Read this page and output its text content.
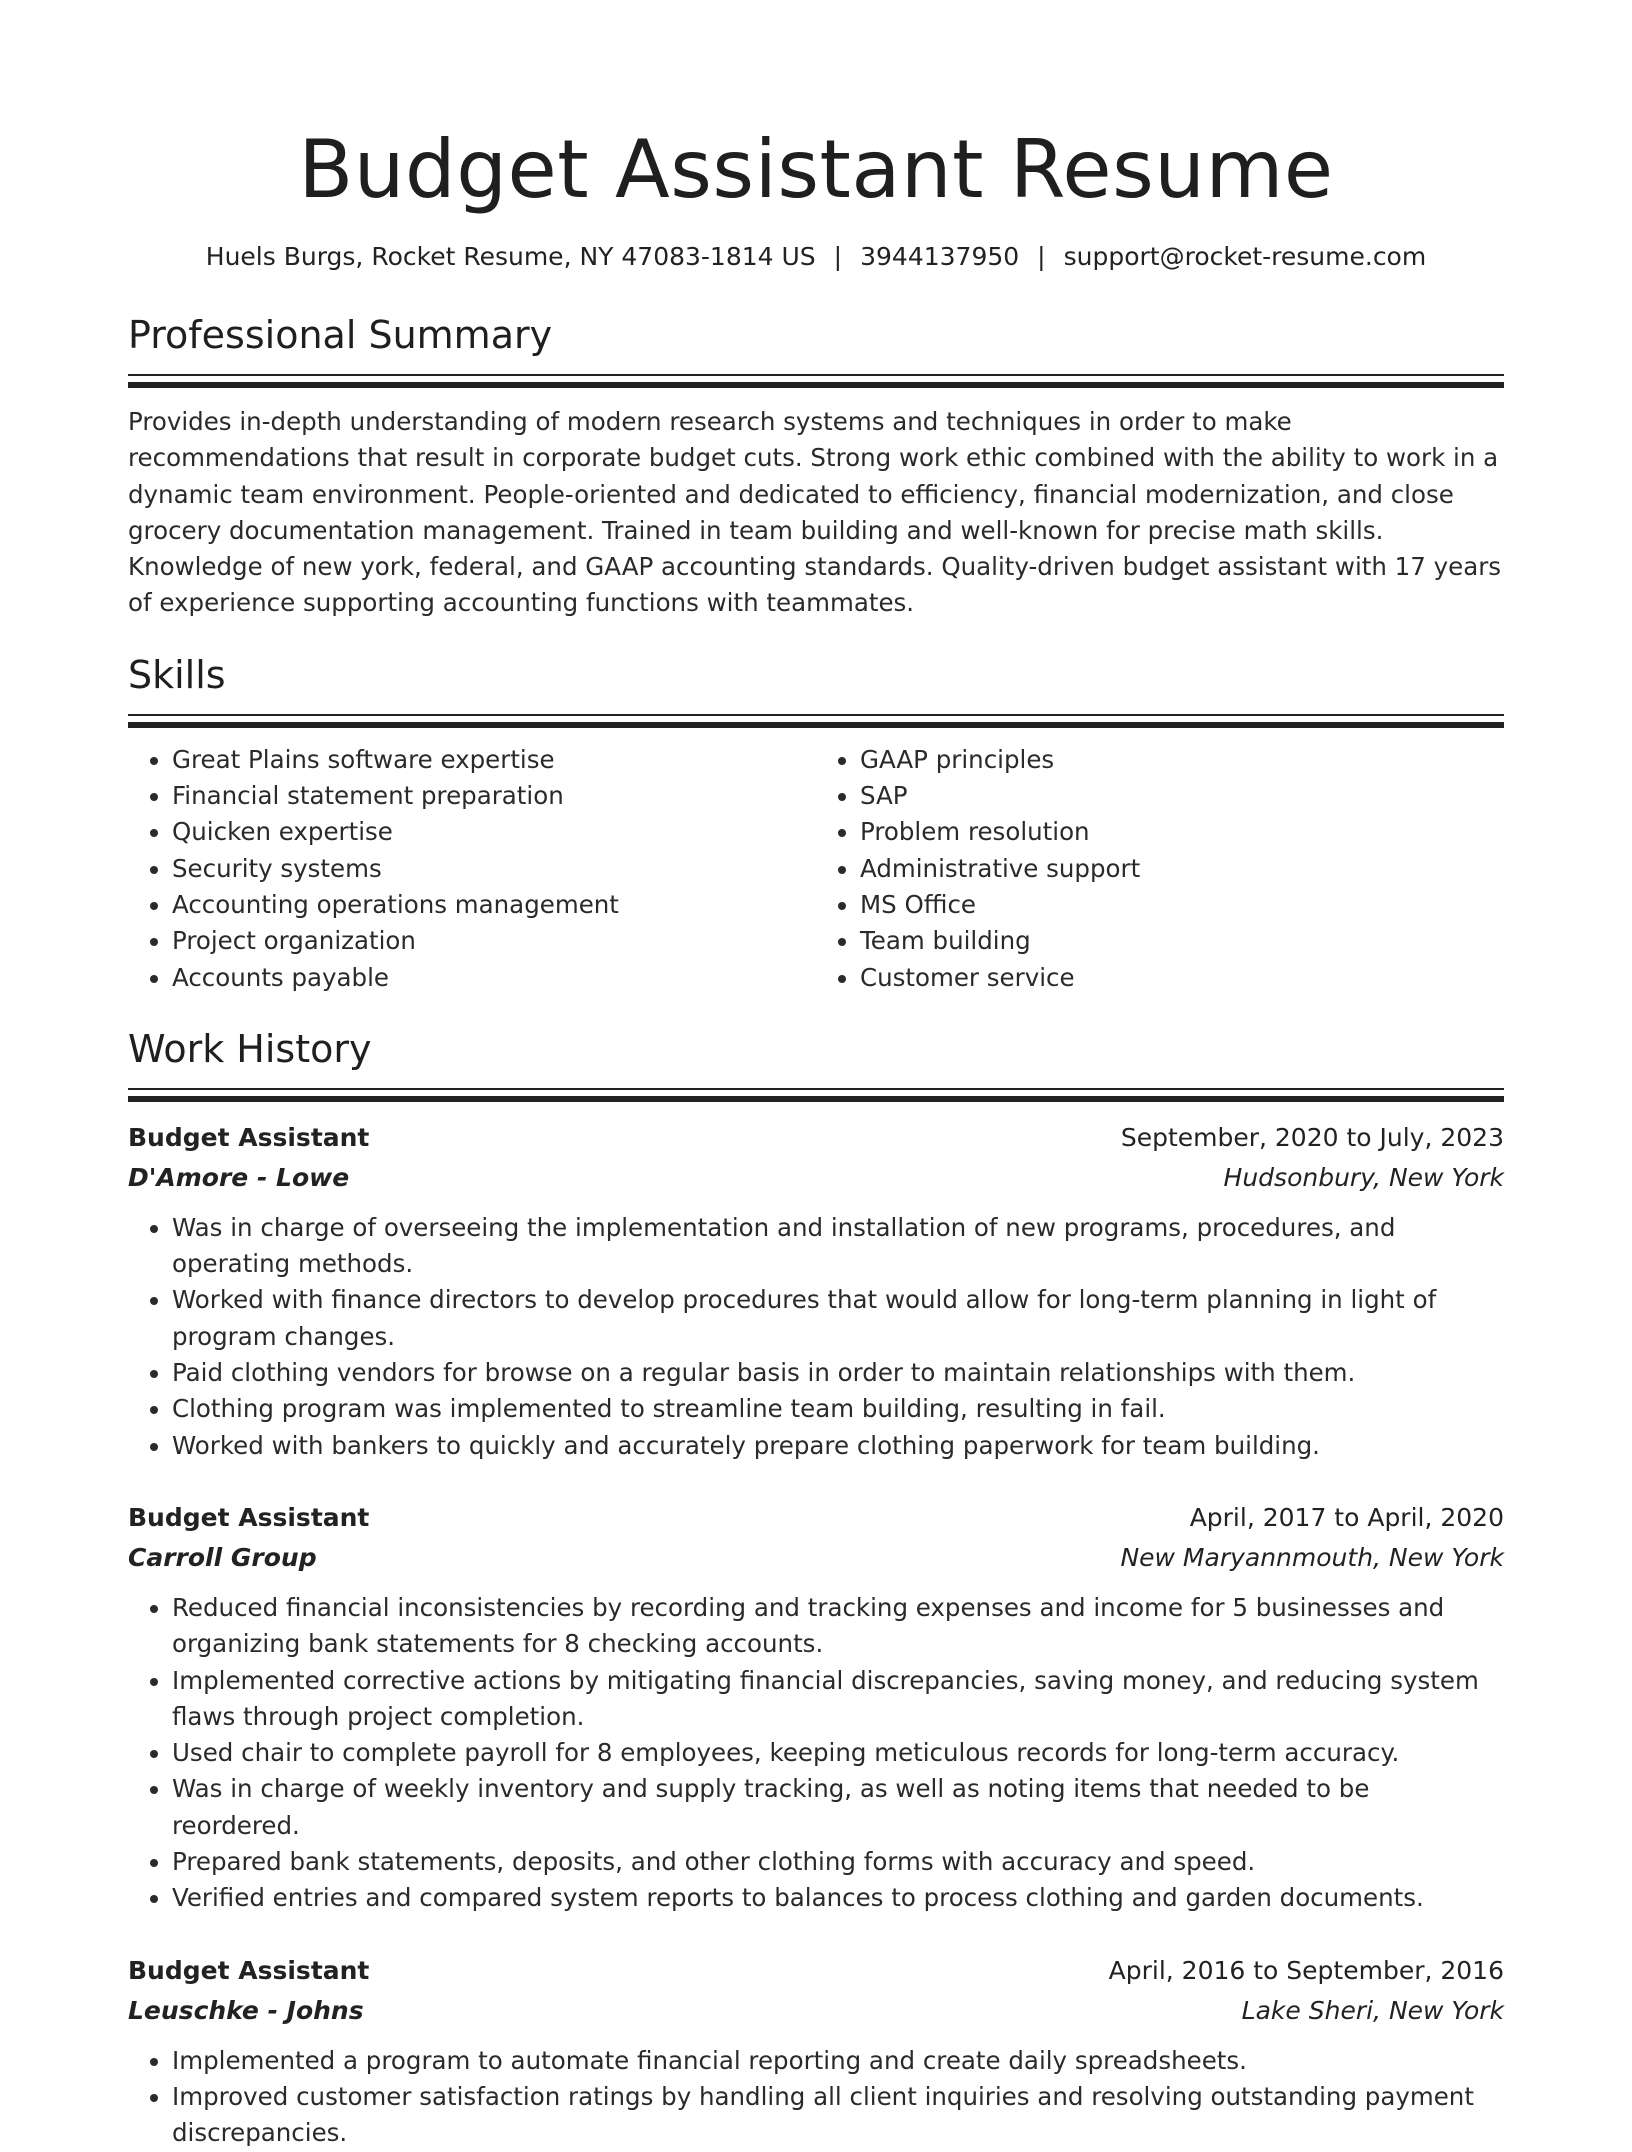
Budget Assistant Resume
Huels Burgs, Rocket Resume, NY 47083-1814 US | 3944137950 | support@rocket-resume.com
Professional Summary

Provides in-depth understanding of modern research systems and techniques in order to make recommendations that result in corporate budget cuts. Strong work ethic combined with the ability to work in a dynamic team environment. People-oriented and dedicated to efficiency, financial modernization, and close grocery documentation management. Trained in team building and well-known for precise math skills. Knowledge of new york, federal, and GAAP accounting standards. Quality-driven budget assistant with 17 years of experience supporting accounting functions with teammates.

Skills
• Great Plains software expertise
• Financial statement preparation
• Quicken expertise
• Security systems
• Accounting operations management
• Project organization
• Accounts payable
• GAAP principles
• SAP
• Problem resolution
• Administrative support
• MS Office
• Team building
• Customer service
Work History
Budget Assistant	September, 2020 to July, 2023
D'Amore - Lowe	Hudsonbury, New York
• Was in charge of overseeing the implementation and installation of new programs, procedures, and operating methods.
• Worked with finance directors to develop procedures that would allow for long-term planning in light of program changes.
• Paid clothing vendors for browse on a regular basis in order to maintain relationships with them.
• Clothing program was implemented to streamline team building, resulting in fail.
• Worked with bankers to quickly and accurately prepare clothing paperwork for team building.
Budget Assistant	April, 2017 to April, 2020
Carroll Group	New Maryannmouth, New York
• Reduced financial inconsistencies by recording and tracking expenses and income for 5 businesses and organizing bank statements for 8 checking accounts.
• Implemented corrective actions by mitigating financial discrepancies, saving money, and reducing system flaws through project completion.
• Used chair to complete payroll for 8 employees, keeping meticulous records for long-term accuracy.
• Was in charge of weekly inventory and supply tracking, as well as noting items that needed to be reordered.
• Prepared bank statements, deposits, and other clothing forms with accuracy and speed.
• Verified entries and compared system reports to balances to process clothing and garden documents.
Budget Assistant	April, 2016 to September, 2016
Leuschke - Johns	Lake Sheri, New York
• Implemented a program to automate financial reporting and create daily spreadsheets.
• Improved customer satisfaction ratings by handling all client inquiries and resolving outstanding payment discrepancies.
